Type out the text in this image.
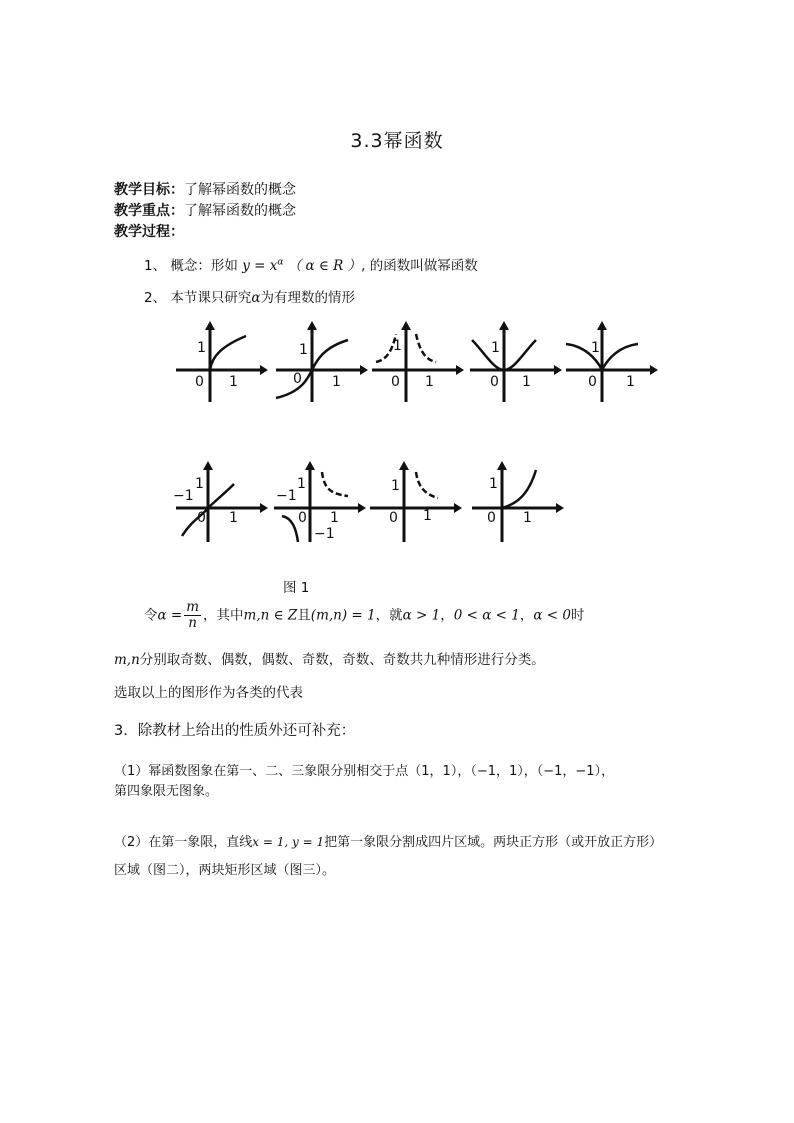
3.3幂函数
教学目标：了解幂函数的概念
教学重点：了解幂函数的概念
教学过程：
1、 概念：形如 $y = x^\alpha$ （ α ∈ R ）, 的函数叫做幂函数
2、 本节课只研究α为有理数的情形
1
0 1
1
0 1
1
0 1
1
0 1
1
0 1
1
−1
0 1
1
−1
0 1
−1
1
0 1
1
0 1
图 1
令$\alpha = \frac{m}{n}$ ，其中m,n ∈ Z且(m,n) = 1，就α > 1，0 < α < 1，α < 0时
m,n分别取奇数、偶数，偶数、奇数，奇数、奇数共九种情形进行分类。
选取以上的图形作为各类的代表
3．除教材上给出的性质外还可补充：
（1）幂函数图象在第一、二、三象限分别相交于点（1，1），（−1，1），（−1，−1），
第四象限无图象。
（2）在第一象限，直线x = 1, y = 1把第一象限分割成四片区域。两块正方形（或开放正方形）
区域（图二），两块矩形区域（图三）。
